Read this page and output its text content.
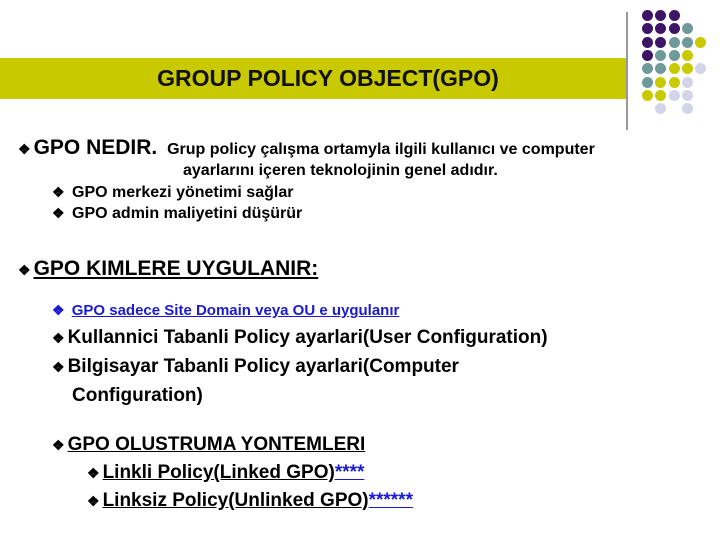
GROUP POLICY OBJECT(GPO)
❖ GPO NEDIR. Grup policy çalışma ortamyla ilgili kullanıcı ve computer
ayarlarını içeren teknolojinin genel adıdır.
❖ GPO merkezi yönetimi sağlar
❖ GPO admin maliyetini düşürür
❖ GPO KIMLERE UYGULANIR:
❖ GPO sadece Site Domain veya OU e uygulanır
❖ Kullannici Tabanli Policy ayarlari(User Configuration)
❖ Bilgisayar Tabanli Policy ayarlari(Computer
Configuration)
❖ GPO OLUSTRUMA YONTEMLERI
❖ Linkli Policy(Linked GPO)****
❖ Linksiz Policy(Unlinked GPO)******
